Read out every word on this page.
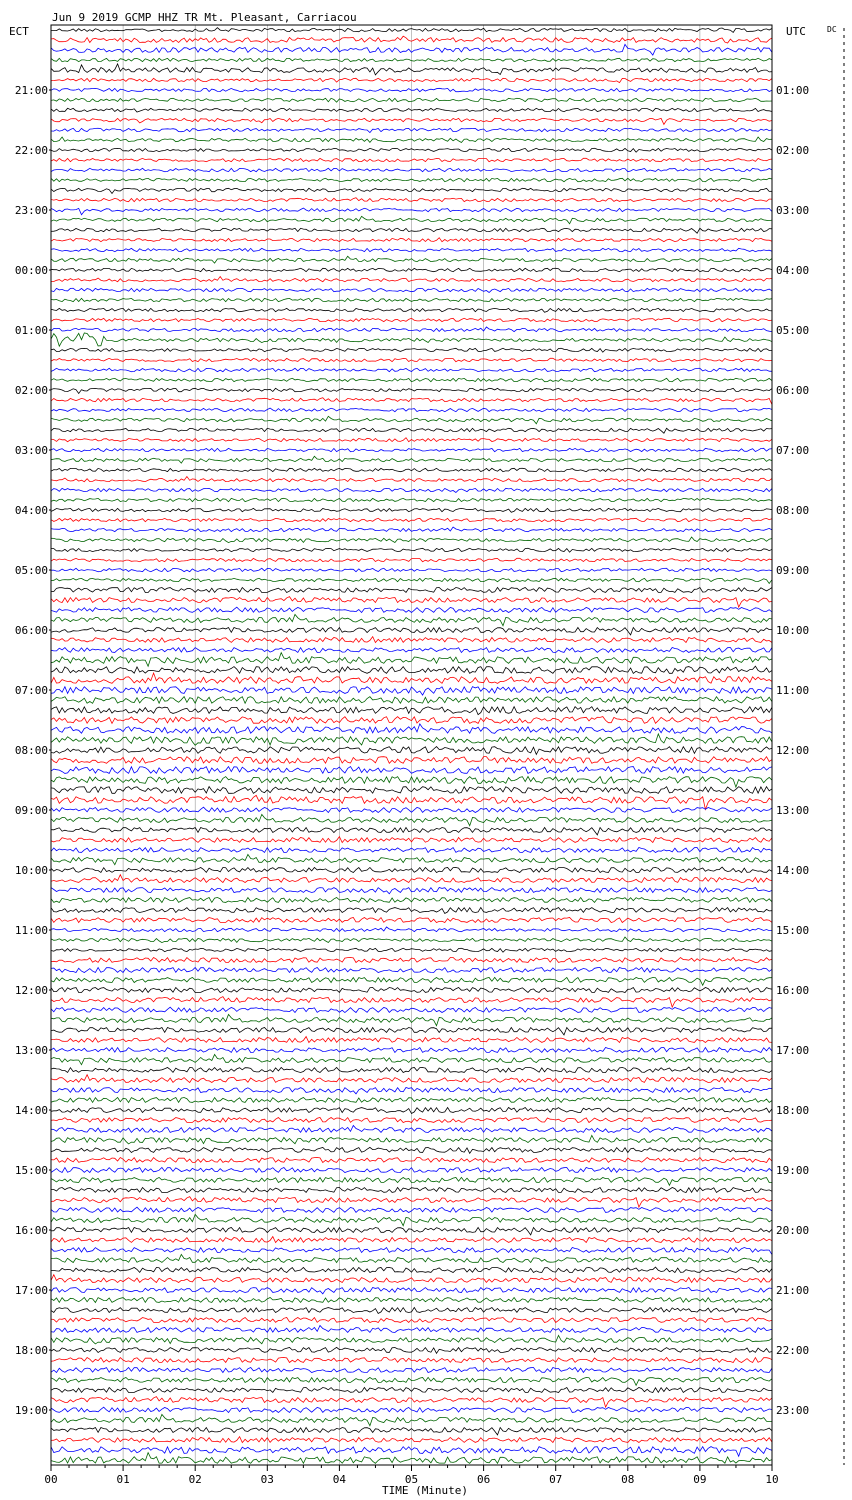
Jun 9 2019 GCMP HHZ TR Mt. Pleasant, Carriacou
ECT	UTC	DC
21:00
22:00
23:00
00:00
01:00
02:00
03:00
04:00
05:00
06:00
07:00
08:00
09:00
10:00
11:00
12:00
13:00
14:00
15:00
16:00
17:00
18:00
19:00
01:00
02:00
03:00
04:00
05:00
06:00
07:00
08:00
09:00
10:00
11:00
12:00
13:00
14:00
15:00
16:00
17:00
18:00
19:00
20:00
21:00
22:00
23:00
00	01	02	03	04	05	06	07	08	09	10
TIME (Minute)
